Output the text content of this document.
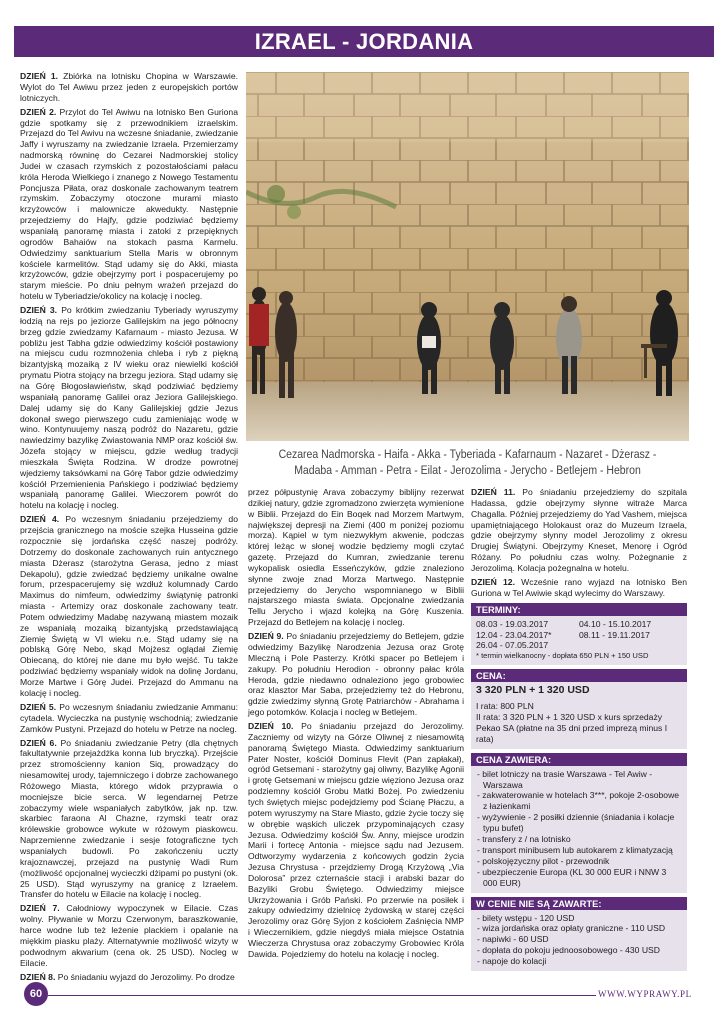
IZRAEL - JORDANIA

DZIEŃ 1. Zbiórka na lotnisku Chopina w Warszawie. Wylot do Tel Awiwu przez jeden z europejskich portów lotniczych.

DZIEŃ 2. Przylot do Tel Awiwu na lotnisko Ben Guriona gdzie spotkamy się z przewodnikiem izraelskim. Przejazd do Tel Awivu na wczesne śniadanie, zwiedzanie Jaffy i wyruszamy na zwiedzanie Izraela. Przemierzamy nadmorską równinę do Cezarei Nadmorskiej stolicy Judei w czasach rzymskich z pozostałościami pałacu króla Heroda Wielkiego i znanego z Nowego Testamentu Poncjusza Piłata, oraz doskonale zachowanym teatrem rzymskim. Zobaczymy otoczone murami miasto krzyżowców i malownicze akwedukty. Następnie przejedziemy do Hajfy, gdzie podziwiać będziemy wspaniałą panoramę miasta i zatoki z przepięknych ogrodów Bahaiów na stokach pasma Karmelu. Odwiedzimy sanktuarium Stella Maris w obronnym kościele karmelitów. Stąd udamy się do Akki, miasta krzyżowców, gdzie obejrzymy port i pospacerujemy po starym mieście. Po dniu pełnym wrażeń przejazd do hotelu w Tyberiadzie/okolicy na kolację i nocleg.

DZIEŃ 3. Po krótkim zwiedzaniu Tyberiady wyruszymy łodzią na rejs po jeziorze Galilejskim na jego północny brzeg gdzie zwiedzamy Kafarnaum - miasto Jezusa. W pobliżu jest Tabha gdzie odwiedzimy kościół postawiony na miejscu cudu rozmnożenia chleba i ryb z piękną bizantyjską mozaiką z IV wieku oraz niewielki kościół prymatu Piotra stojący na brzegu jeziora. Stąd udamy się na Górę Błogosławieństw, skąd podziwiać będziemy wspaniałą panoramę Galilei oraz Jeziora Galilejskiego. Dalej udamy się do Kany Galilejskiej gdzie Jezus dokonał swego pierwszego cudu zamieniając wodę w wino. Kontynuujemy naszą podróż do Nazaretu, gdzie nawiedzimy bazylikę Zwiastowania NMP oraz kościół św. Józefa stojący w miejscu, gdzie według tradycji mieszkała Święta Rodzina. W drodze powrotnej wjedziemy taksówkami na Górę Tabor gdzie odwiedzimy kościół Przemienienia Pańskiego i podziwiać będziemy wspaniałą panoramę Galilei. Wieczorem powrót do hotelu na kolację i nocleg.

DZIEŃ 4. Po wczesnym śniadaniu przejedziemy do przejścia granicznego na moście szejka Husseina gdzie rozpocznie się jordańska część naszej podróży. Dotrzemy do doskonale zachowanych ruin antycznego miasta Dżerasz (starożytna Gerasa, jedno z miast Dekapolu), gdzie zwiedzać będziemy unikalne owalne forum, przespacerujemy się wzdłuż kolumnady Cardo Maximus do nimfeum, odwiedzimy świątynię patronki miasta - Artemizy oraz doskonale zachowany teatr. Potem odwiedzimy Madabę nazywaną miastem mozaik ze wspaniałą mozaiką bizantyjską przedstawiającą Ziemię Świętą w VI wieku n.e. Stąd udamy się na poblską Górę Nebo, skąd Mojżesz oglądał Ziemię Obiecaną, do której nie dane mu było wejść. Tu także podziwiać będziemy wspaniały widok na dolinę Jordanu, Morze Martwe i Górę Judei. Przejazd do Ammanu na kolację i nocleg.

DZIEŃ 5. Po wczesnym śniadaniu zwiedzanie Ammanu: cytadela. Wycieczka na pustynię wschodnią; zwiedzanie Zamków Pustyni. Przejazd do hotelu w Petrze na nocleg.

DZIEŃ 6. Po śniadaniu zwiedzanie Petry (dla chętnych fakultatywnie przejażdżka konna lub bryczką). Przejście przez stromościenny kanion Siq, prowadzący do niesamowitej urody, tajemniczego i dobrze zachowanego Różowego Miasta, którego widok przyprawia o mocniejsze bicie serca. W legendarnej Petrze zobaczymy wiele wspaniałych zabytków, jak np. tzw. skarbiec faraona Al Chazne, rzymski teatr oraz królewskie grobowce wykute w różowym piaskowcu. Naprzemienne zwiedzanie i sesje fotograficzne tych wspaniałych budowli. Po zakończeniu uczty krajoznawczej, przejazd na pustynię Wadi Rum (możliwość opcjonalnej wycieczki dżipami po pustyni (ok. 25 USD). Stąd wyruszymy na granicę z Izraelem. Transfer do hotelu w Eilacie na kolację i nocleg.

DZIEŃ 7. Całodniowy wypoczynek w Eilacie. Czas wolny. Pływanie w Morzu Czerwonym, baraszkowanie, harce wodne lub też leżenie plackiem i opalanie na miękkim piasku plaży. Alternatywnie możliwość wizyty w podwodnym akwarium (cena ok. 25 USD). Nocleg w Eilacie.

DZIEŃ 8. Po śniadaniu wyjazd do Jerozolimy. Po drodze

Cezarea Nadmorska - Haifa - Akka - Tyberiada - Kafarnaum - Nazaret - Dżerasz - Madaba - Amman - Petra - Eilat - Jerozolima - Jerycho - Betlejem - Hebron

przez półpustynię Arava zobaczymy biblijny rezerwat dzikiej natury, gdzie zgromadzono zwierzęta wymienione w Biblii. Przejazd do Ein Boqek nad Morzem Martwym, największej depresji na Ziemi (400 m poniżej poziomu morza). Kąpiel w tym niezwykłym akwenie, podczas której leżąc w słonej wodzie będziemy mogli czytać gazetę. Przejazd do Kumran, zwiedzanie terenu wykopalisk osiedla Esseńczyków, gdzie znaleziono słynne zwoje znad Morza Martwego. Następnie przejedziemy do Jerycho wspomnianego w Biblii najstarszego miasta świata. Opcjonalne zwiedzania Tellu Jerycho i wjazd kolejką na Górę Kuszenia. Przejazd do Betlejem na kolację i nocleg.

DZIEŃ 9. Po śniadaniu przejedziemy do Betlejem, gdzie odwiedzimy Bazylikę Narodzenia Jezusa oraz Grotę Mleczną i Pole Pasterzy. Krótki spacer po Betlejem i zakupy. Po południu Herodion - obronny pałac króla Heroda, gdzie niedawno odnaleziono jego grobowiec oraz klasztor Mar Saba, przejedziemy też do Hebronu, gdzie zwiedzimy słynną Grotę Patriarchów - Abrahama i jego potomków. Kolacja i nocleg w Betlejem.

DZIEŃ 10. Po śniadaniu przejazd do Jerozolimy. Zaczniemy od wizyty na Górze Oliwnej z niesamowitą panoramą Świętego Miasta. Odwiedzimy sanktuarium Pater Noster, kościół Dominus Flevit (Pan zapłakał), ogród Getsemani - starożytny gaj oliwny, Bazylikę Agonii i grotę Getsemani w miejscu gdzie więziono Jezusa oraz podziemny kościół Grobu Matki Bożej. Po zwiedzeniu tych świętych miejsc podejdziemy pod Ścianę Płaczu, a potem wyruszymy na Stare Miasto, gdzie życie toczy się w obrębie wąskich uliczek przypominających czasy Jezusa. Odwiedzimy kościół Św. Anny, miejsce urodzin Marii i fortecę Antonia - miejsce sądu nad Jezusem. Odtworzymy wydarzenia z końcowych godzin życia Jezusa Chrystusa - przejdziemy Drogą Krzyżową „Via Dolorosa” przez czternaście stacji i arabski bazar do Bazyliki Grobu Świętego. Odwiedzimy miejsce Ukrzyżowania i Grób Pański. Po przerwie na posiłek i zakupy odwiedzimy dzielnicę żydowską w starej części Jerozolimy oraz Górę Syjon z kościołem Zaśnięcia NMP i Wieczernikiem, gdzie niegdyś miała miejsce Ostatnia Wieczerza Chrystusa oraz zobaczymy Grobowiec Króla Dawida. Pojedziemy do hotelu na kolację i nocleg.

DZIEŃ 11. Po śniadaniu przejedziemy do szpitala Hadassa, gdzie obejrzymy słynne witraże Marca Chagalla. Później przejedziemy do Yad Vashem, miejsca upamiętniającego Holokaust oraz do Muzeum Izraela, gdzie obejrzymy słynny model Jerozolimy z okresu Drugiej Świątyni. Obejrzymy Kneset, Menorę i Ogród Różany. Po południu czas wolny. Pożegnanie z Jerozolimą. Kolacja pożegnalna w hotelu.

DZIEŃ 12. Wcześnie rano wyjazd na lotnisko Ben Guriona w Tel Awiwie skąd wylecimy do Warszawy.

TERMINY:
08.03 - 19.03.2017	04.10 - 15.10.2017
12.04 - 23.04.2017*	08.11 - 19.11.2017
26.04 - 07.05.2017
* termin wielkanocny - dopłata 650 PLN + 150 USD
CENA:
3 320 PLN + 1 320 USD
I rata: 800 PLN
II rata: 3 320 PLN + 1 320 USD x kurs sprzedaży Pekao SA (płatne na 35 dni przed imprezą minus I rata)
CENA ZAWIERA:
- bilet lotniczy na trasie Warszawa - Tel Awiw - Warszawa
- zakwaterowanie w hotelach 3***, pokoje 2-osobowe z łazienkami
- wyżywienie - 2 posiłki dziennie (śniadania i kolacje typu bufet)
- transfery z / na lotnisko
- transport minibusem lub autokarem z klimatyzacją
- polskojęzyczny pilot - przewodnik
- ubezpieczenie Europa (KL 30 000 EUR i NNW 3 000 EUR)
W CENIE NIE SĄ ZAWARTE:
- bilety wstępu - 120 USD
- wiza jordańska oraz opłaty graniczne - 110 USD
- napiwki - 60 USD
- dopłata do pokoju jednoosobowego - 430 USD
- napoje do kolacji
60	WWW.WYPRAWY.PL
